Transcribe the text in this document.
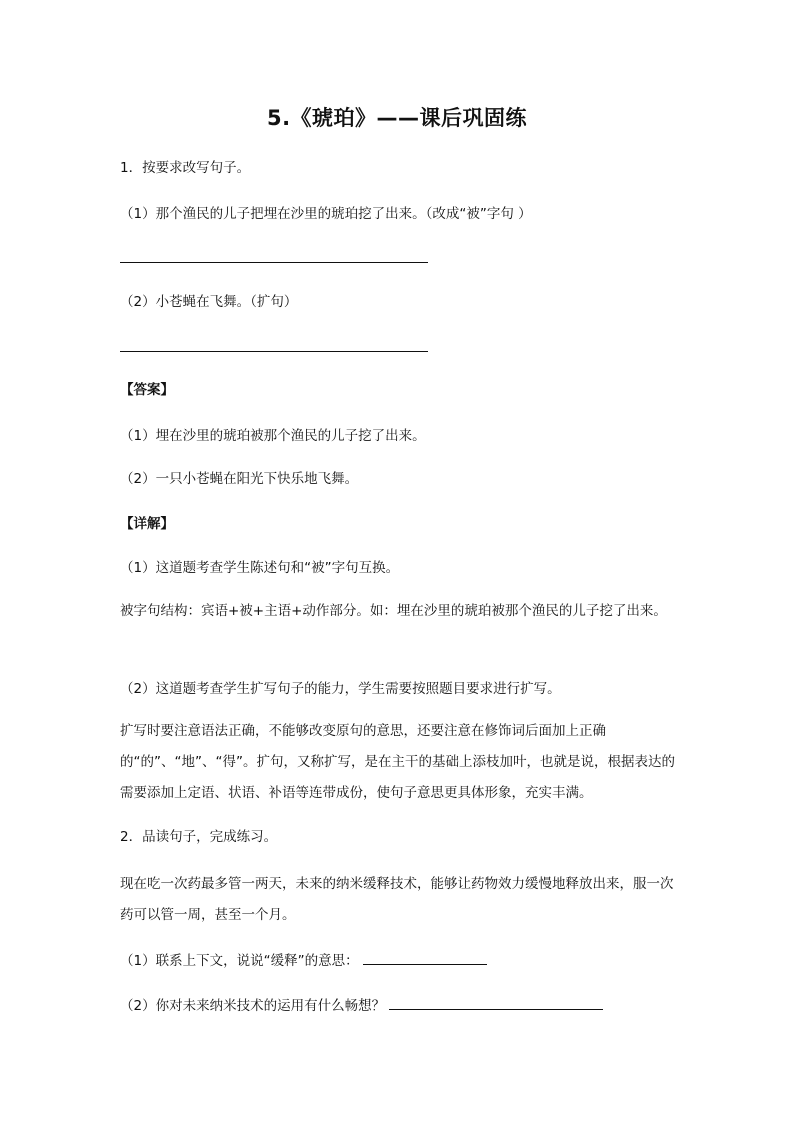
5.《琥珀》——课后巩固练
1．按要求改写句子。
（1）那个渔民的儿子把埋在沙里的琥珀挖了出来。（改成“被”字句 ）
（2）小苍蝇在飞舞。（扩句）
【答案】
（1）埋在沙里的琥珀被那个渔民的儿子挖了出来。
（2）一只小苍蝇在阳光下快乐地飞舞。
【详解】
（1）这道题考查学生陈述句和“被”字句互换。
被字句结构：宾语+被+主语+动作部分。如：埋在沙里的琥珀被那个渔民的儿子挖了出来。
（2）这道题考查学生扩写句子的能力，学生需要按照题目要求进行扩写。
扩写时要注意语法正确，不能够改变原句的意思，还要注意在修饰词后面加上正确的“的”、“地”、“得”。扩句，又称扩写，是在主干的基础上添枝加叶，也就是说，根据表达的需要添加上定语、状语、补语等连带成份，使句子意思更具体形象，充实丰满。
2．品读句子，完成练习。
现在吃一次药最多管一两天，未来的纳米缓释技术，能够让药物效力缓慢地释放出来，服一次药可以管一周，甚至一个月。
（1）联系上下文，说说“缓释”的意思：
（2）你对未来纳米技术的运用有什么畅想？
